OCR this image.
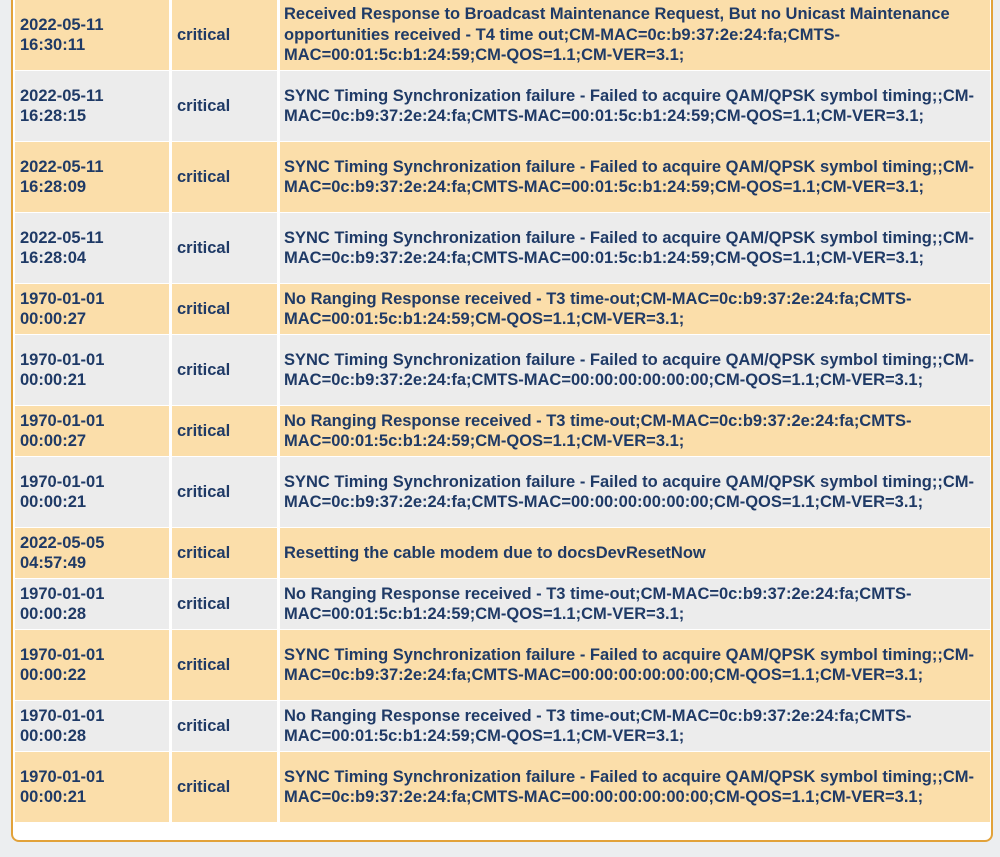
2022-05-11 16:30:11	critical	Received Response to Broadcast Maintenance Request, But no Unicast Maintenance opportunities received - T4 time out;CM-MAC=0c:b9:37:2e:24:fa;CMTS-MAC=00:01:5c:b1:24:59;CM-QOS=1.1;CM-VER=3.1;
2022-05-11 16:28:15	critical	SYNC Timing Synchronization failure - Failed to acquire QAM/QPSK symbol timing;;CM-MAC=0c:b9:37:2e:24:fa;CMTS-MAC=00:01:5c:b1:24:59;CM-QOS=1.1;CM-VER=3.1;
2022-05-11 16:28:09	critical	SYNC Timing Synchronization failure - Failed to acquire QAM/QPSK symbol timing;;CM-MAC=0c:b9:37:2e:24:fa;CMTS-MAC=00:01:5c:b1:24:59;CM-QOS=1.1;CM-VER=3.1;
2022-05-11 16:28:04	critical	SYNC Timing Synchronization failure - Failed to acquire QAM/QPSK symbol timing;;CM-MAC=0c:b9:37:2e:24:fa;CMTS-MAC=00:01:5c:b1:24:59;CM-QOS=1.1;CM-VER=3.1;
1970-01-01 00:00:27	critical	No Ranging Response received - T3 time-out;CM-MAC=0c:b9:37:2e:24:fa;CMTS-MAC=00:01:5c:b1:24:59;CM-QOS=1.1;CM-VER=3.1;
1970-01-01 00:00:21	critical	SYNC Timing Synchronization failure - Failed to acquire QAM/QPSK symbol timing;;CM-MAC=0c:b9:37:2e:24:fa;CMTS-MAC=00:00:00:00:00:00;CM-QOS=1.1;CM-VER=3.1;
1970-01-01 00:00:27	critical	No Ranging Response received - T3 time-out;CM-MAC=0c:b9:37:2e:24:fa;CMTS-MAC=00:01:5c:b1:24:59;CM-QOS=1.1;CM-VER=3.1;
1970-01-01 00:00:21	critical	SYNC Timing Synchronization failure - Failed to acquire QAM/QPSK symbol timing;;CM-MAC=0c:b9:37:2e:24:fa;CMTS-MAC=00:00:00:00:00:00;CM-QOS=1.1;CM-VER=3.1;
2022-05-05 04:57:49	critical	Resetting the cable modem due to docsDevResetNow
1970-01-01 00:00:28	critical	No Ranging Response received - T3 time-out;CM-MAC=0c:b9:37:2e:24:fa;CMTS-MAC=00:01:5c:b1:24:59;CM-QOS=1.1;CM-VER=3.1;
1970-01-01 00:00:22	critical	SYNC Timing Synchronization failure - Failed to acquire QAM/QPSK symbol timing;;CM-MAC=0c:b9:37:2e:24:fa;CMTS-MAC=00:00:00:00:00:00;CM-QOS=1.1;CM-VER=3.1;
1970-01-01 00:00:28	critical	No Ranging Response received - T3 time-out;CM-MAC=0c:b9:37:2e:24:fa;CMTS-MAC=00:01:5c:b1:24:59;CM-QOS=1.1;CM-VER=3.1;
1970-01-01 00:00:21	critical	SYNC Timing Synchronization failure - Failed to acquire QAM/QPSK symbol timing;;CM-MAC=0c:b9:37:2e:24:fa;CMTS-MAC=00:00:00:00:00:00;CM-QOS=1.1;CM-VER=3.1;
